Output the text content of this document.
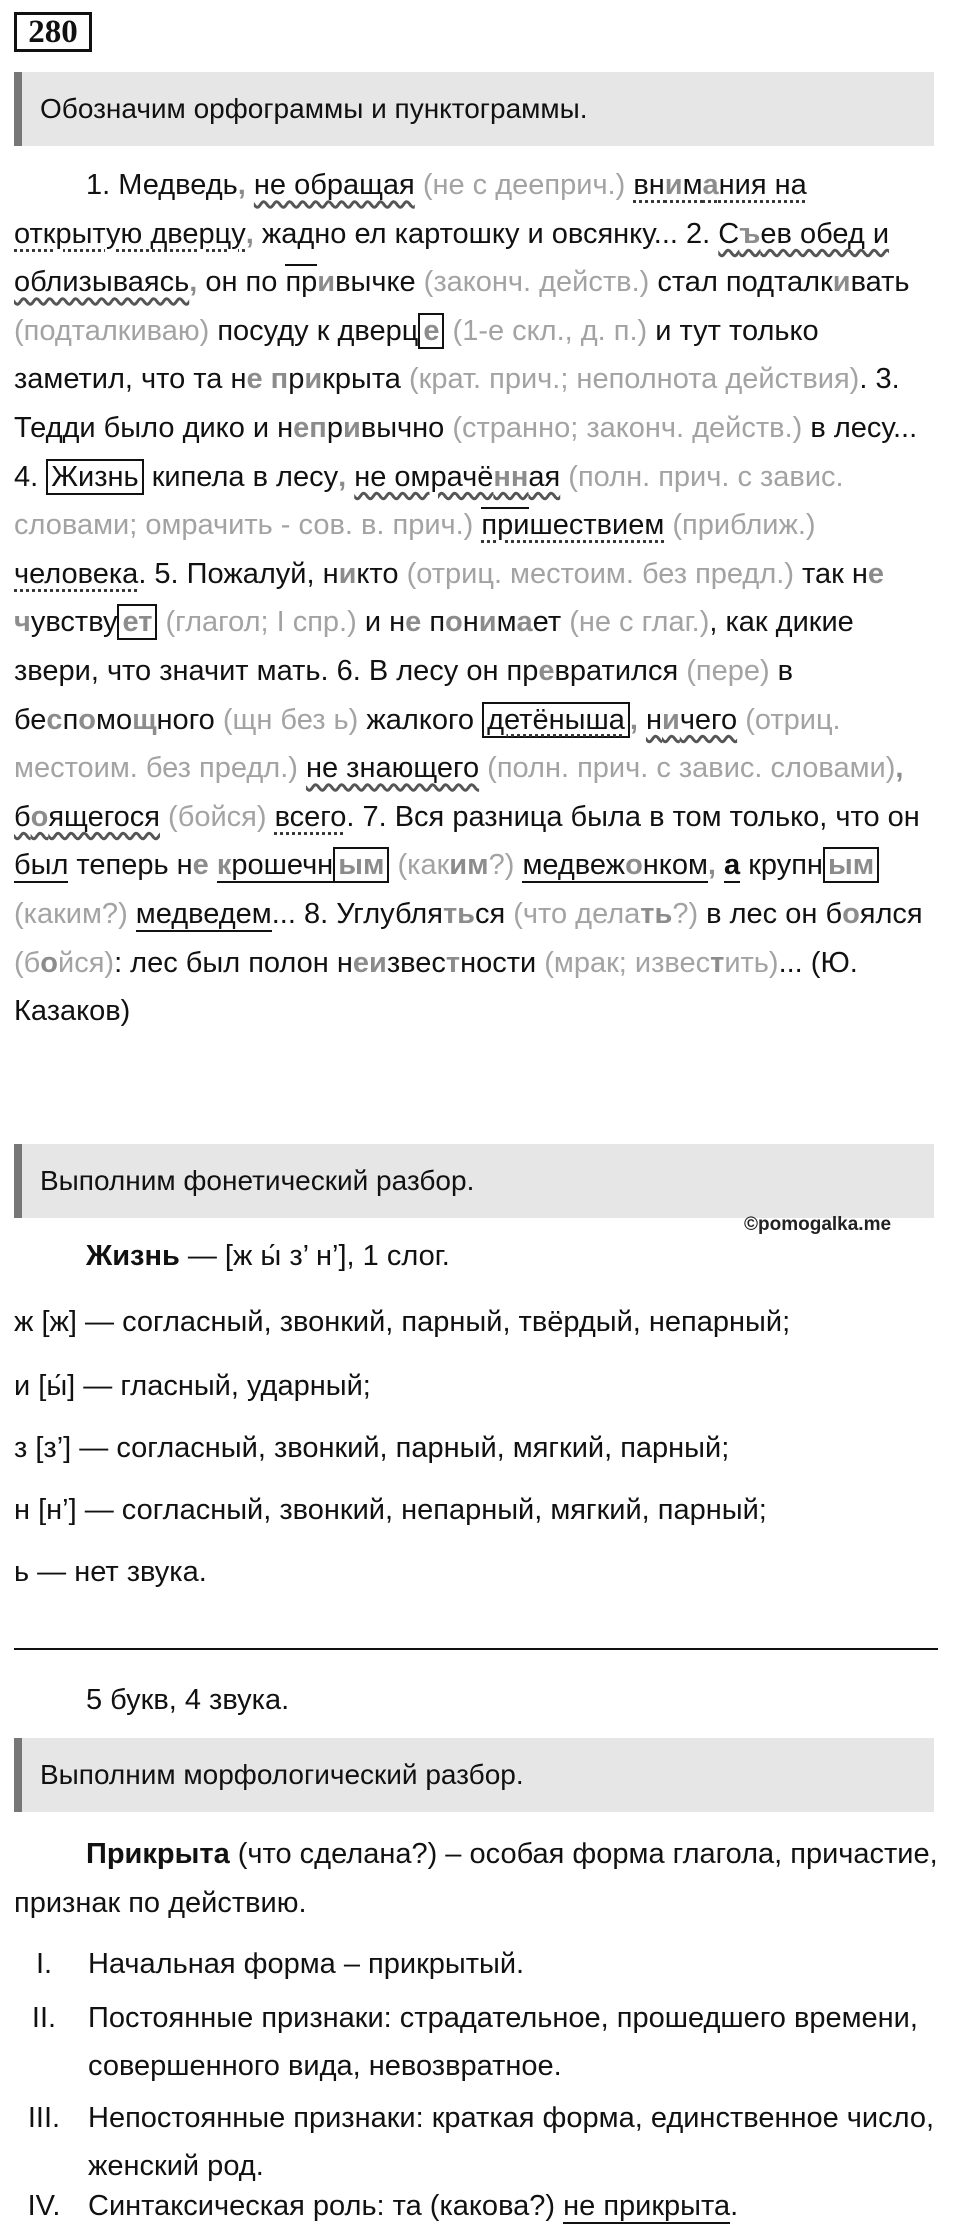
280
Обозначим орфограммы и пунктограммы.
1. Медведь, не обращая (не с дееприч.) внимания на открытую дверцу, жадно ел картошку и овсянку... 2. Съев обед и облизываясь, он по привычке (законч. действ.) стал подталкивать (подталкиваю) посуду к дверц е (1-е скл., д. п.) и тут только заметил, что та не прикрыта (крат. прич.; неполнота действия). 3. Тедди было дико и непривычно (странно; законч. действ.) в лесу... 4. Жизнь кипела в лесу, не омрачённая (полн. прич. с завис. словами; омрачить - сов. в. прич.) пришествием (приближ.) человека. 5. Пожалуй, никто (отриц. местоим. без предл.) так не чувству ет (глагол; I спр.) и не понимает (не с глаг.), как дикие звери, что значит мать. 6. В лесу он превратился (пере) в беспомощного (щн без ь) жалкого детёныша , ничего (отриц. местоим. без предл.) не знающего (полн. прич. с завис. словами), боящегося (бойся) всего. 7. Вся разница была в том только, что он был теперь не крошечн ым (каким?) медвежонком, а крупн ым (каким?) медведем... 8. Углубляться (что делать?) в лес он боялся (бойся): лес был полон неизвестности (мрак; известить)... (Ю. Казаков)
Выполним фонетический разбор.
©pomogalka.me
Жизнь — [ж ы́ з’ н’], 1 слог.
ж [ж] — согласный, звонкий, парный, твёрдый, непарный;
и [ы́] — гласный, ударный;
з [з’] — согласный, звонкий, парный, мягкий, парный;
н [н’] — согласный, звонкий, непарный, мягкий, парный;
ь — нет звука.
5 букв, 4 звука.
Выполним морфологический разбор.
Прикрыта (что сделана?) – особая форма глагола, причастие, признак по действию.
I.	Начальная форма – прикрытый.
II.	Постоянные признаки: страдательное, прошедшего времени, совершенного вида, невозвратное.
III. Непостоянные признаки: краткая форма, единственное число, женский род.
IV. Синтаксическая роль: та (какова?) не прикрыта.
